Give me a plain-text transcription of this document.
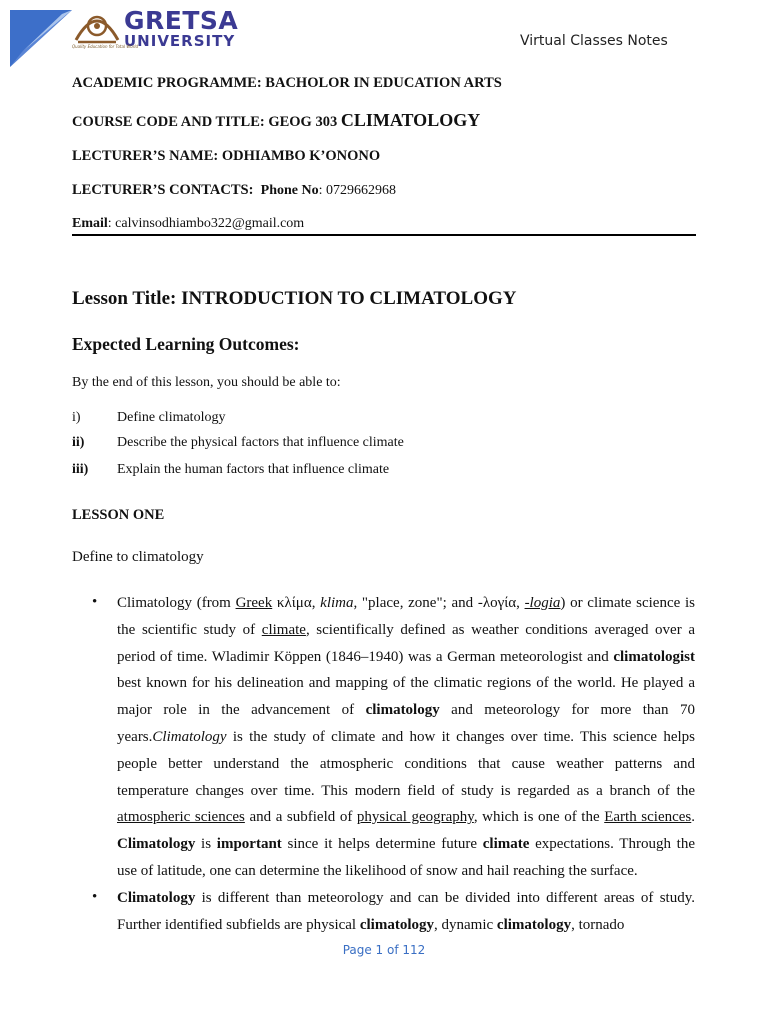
GRETSA
UNIVERSITY
Quality Education for Total World	Virtual Classes Notes
ACADEMIC PROGRAMME: BACHOLOR IN EDUCATION ARTS
COURSE CODE AND TITLE: GEOG 303 CLIMATOLOGY
LECTURER’S NAME: ODHIAMBO K’ONONO
LECTURER’S CONTACTS: Phone No: 0729662968
Email: calvinsodhiambo322@gmail.com
Lesson Title: INTRODUCTION TO CLIMATOLOGY
Expected Learning Outcomes:
By the end of this lesson, you should be able to:
i)	Define climatology
ii) Describe the physical factors that influence climate
iii) Explain the human factors that influence climate
LESSON ONE
Define to climatology
• Climatology (from Greek κλίμα, klima, "place, zone"; and -λογία, -logia) or climate science is the scientific study of climate, scientifically defined as weather conditions averaged over a period of time. Wladimir Köppen (1846–1940) was a German meteorologist and climatologist best known for his delineation and mapping of the climatic regions of the world. He played a major role in the advancement of climatology and meteorology for more than 70 years.Climatology is the study of climate and how it changes over time. This science helps people better understand the atmospheric conditions that cause weather patterns and temperature changes over time. This modern field of study is regarded as a branch of the atmospheric sciences and a subfield of physical geography, which is one of the Earth sciences. Climatology is important since it helps determine future climate expectations. Through the use of latitude, one can determine the likelihood of snow and hail reaching the surface.
• Climatology is different than meteorology and can be divided into different areas of study. Further identified subfields are physical climatology, dynamic climatology, tornado
Page 1 of 112
